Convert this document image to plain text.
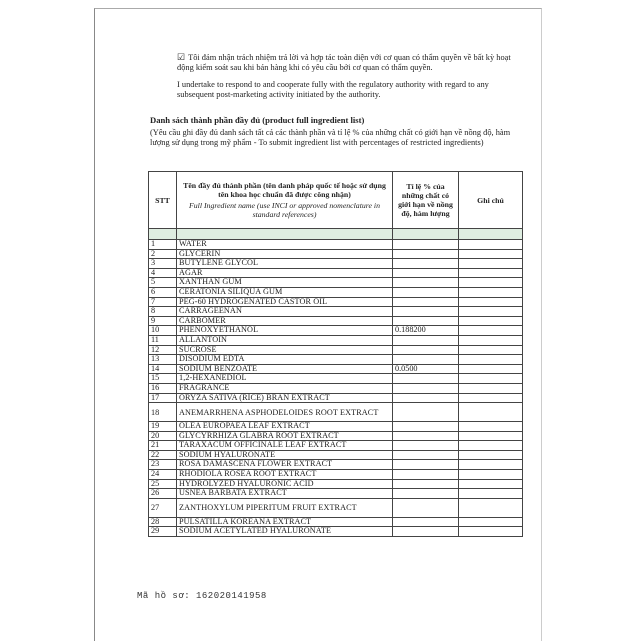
☑ Tôi đảm nhận trách nhiệm trả lời và hợp tác toàn diện với cơ quan có thẩm quyền về bất kỳ hoạt động kiểm soát sau khi bán hàng khi có yêu cầu bởi cơ quan có thẩm quyền.
I undertake to respond to and cooperate fully with the regulatory authority with regard to any subsequent post-marketing activity initiated by the authority.
Danh sách thành phần đầy đủ (product full ingredient list)
(Yêu cầu ghi đầy đủ danh sách tất cả các thành phần và tỉ lệ % của những chất có giới hạn về nồng độ, hàm lượng sử dụng trong mỹ phẩm - To submit ingredient list with percentages of restricted ingredients)
STT	Tên đầy đủ thành phần (tên danh pháp quốc tế hoặc sử dụng tên khoa học chuẩn đã được công nhận)
Full Ingredient name (use INCI or approved nomenclature in standard references)	Tỉ lệ % của những chất có giới hạn về nồng độ, hàm lượng	Ghi chú

1	WATER		
2	GLYCERIN		
3	BUTYLENE GLYCOL		
4	AGAR		
5	XANTHAN GUM		
6	CERATONIA SILIQUA GUM		
7	PEG-60 HYDROGENATED CASTOR OIL		
8	CARRAGEENAN		
9	CARBOMER		
10	PHENOXYETHANOL	0.188200	
11	ALLANTOIN		
12	SUCROSE		
13	DISODIUM EDTA		
14	SODIUM BENZOATE	0.0500	
15	1,2-HEXANEDIOL		
16	FRAGRANCE		
17	ORYZA SATIVA (RICE) BRAN EXTRACT		
18	ANEMARRHENA ASPHODELOIDES ROOT EXTRACT		
19	OLEA EUROPAEA LEAF EXTRACT		
20	GLYCYRRHIZA GLABRA ROOT EXTRACT		
21	TARAXACUM OFFICINALE LEAF EXTRACT		
22	SODIUM HYALURONATE		
23	ROSA DAMASCENA FLOWER EXTRACT		
24	RHODIOLA ROSEA ROOT EXTRACT		
25	HYDROLYZED HYALURONIC ACID		
26	USNEA BARBATA EXTRACT		
27	ZANTHOXYLUM PIPERITUM FRUIT EXTRACT		
28	PULSATILLA KOREANA EXTRACT		
29	SODIUM ACETYLATED HYALURONATE		
Mã hồ sơ: 162020141958
